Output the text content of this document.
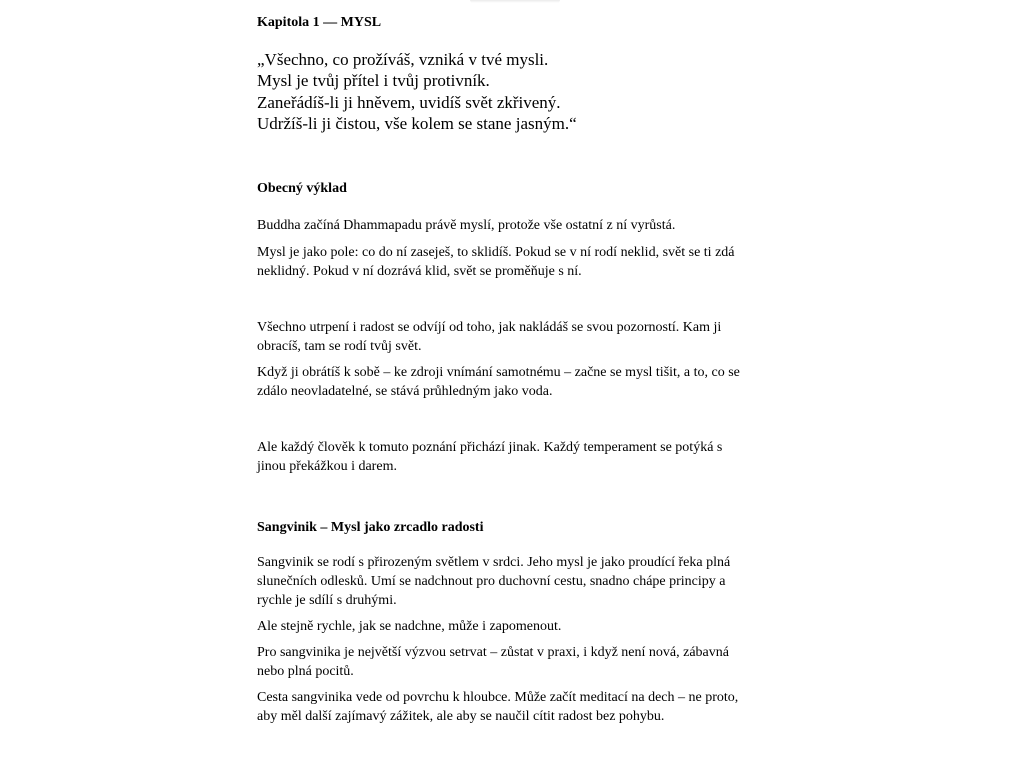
Kapitola 1 — MYSL
„Všechno, co prožíváš, vzniká v tvé mysli.
Mysl je tvůj přítel i tvůj protivník.
Zaneřádíš-li ji hněvem, uvidíš svět zkřivený.
Udržíš-li ji čistou, vše kolem se stane jasným.“
Obecný výklad

Buddha začíná Dhammapadu právě myslí, protože vše ostatní z ní vyrůstá.

Mysl je jako pole: co do ní zaseješ, to sklidíš. Pokud se v ní rodí neklid, svět se ti zdá
neklidný. Pokud v ní dozrává klid, svět se proměňuje s ní.

Všechno utrpení i radost se odvíjí od toho, jak nakládáš se svou pozorností. Kam ji
obracíš, tam se rodí tvůj svět.

Když ji obrátíš k sobě – ke zdroji vnímání samotnému – začne se mysl tišit, a to, co se
zdálo neovladatelné, se stává průhledným jako voda.

Ale každý člověk k tomuto poznání přichází jinak. Každý temperament se potýká s
jinou překážkou i darem.

Sangvinik – Mysl jako zrcadlo radosti

Sangvinik se rodí s přirozeným světlem v srdci. Jeho mysl je jako proudící řeka plná
slunečních odlesků. Umí se nadchnout pro duchovní cestu, snadno chápe principy a
rychle je sdílí s druhými.

Ale stejně rychle, jak se nadchne, může i zapomenout.

Pro sangvinika je největší výzvou setrvat – zůstat v praxi, i když není nová, zábavná
nebo plná pocitů.

Cesta sangvinika vede od povrchu k hloubce. Může začít meditací na dech – ne proto,
aby měl další zajímavý zážitek, ale aby se naučil cítit radost bez pohybu.
